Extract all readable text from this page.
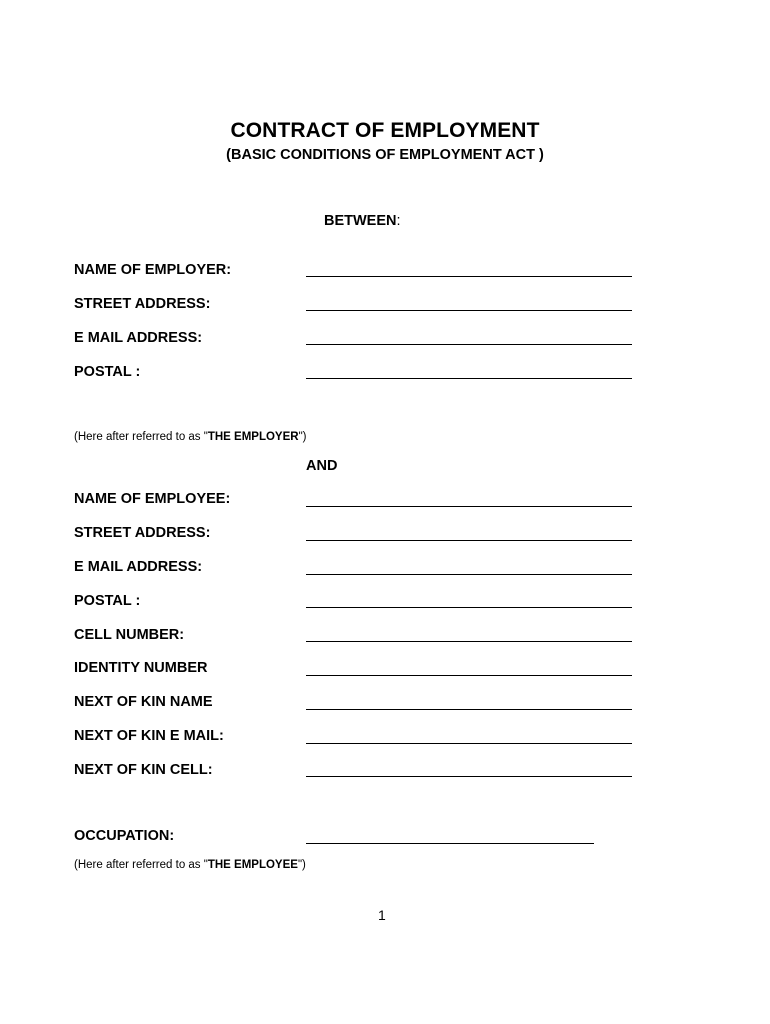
CONTRACT OF EMPLOYMENT
(BASIC CONDITIONS OF EMPLOYMENT ACT )
BETWEEN:
NAME OF EMPLOYER:
STREET ADDRESS:
E MAIL ADDRESS:
POSTAL :
(Here after referred to as "THE EMPLOYER")
AND
NAME OF EMPLOYEE:
STREET ADDRESS:
E MAIL ADDRESS:
POSTAL :
CELL NUMBER:
IDENTITY NUMBER
NEXT OF KIN NAME
NEXT OF KIN E MAIL:
NEXT OF KIN CELL:
OCCUPATION:
(Here after referred to as "THE EMPLOYEE")
1
